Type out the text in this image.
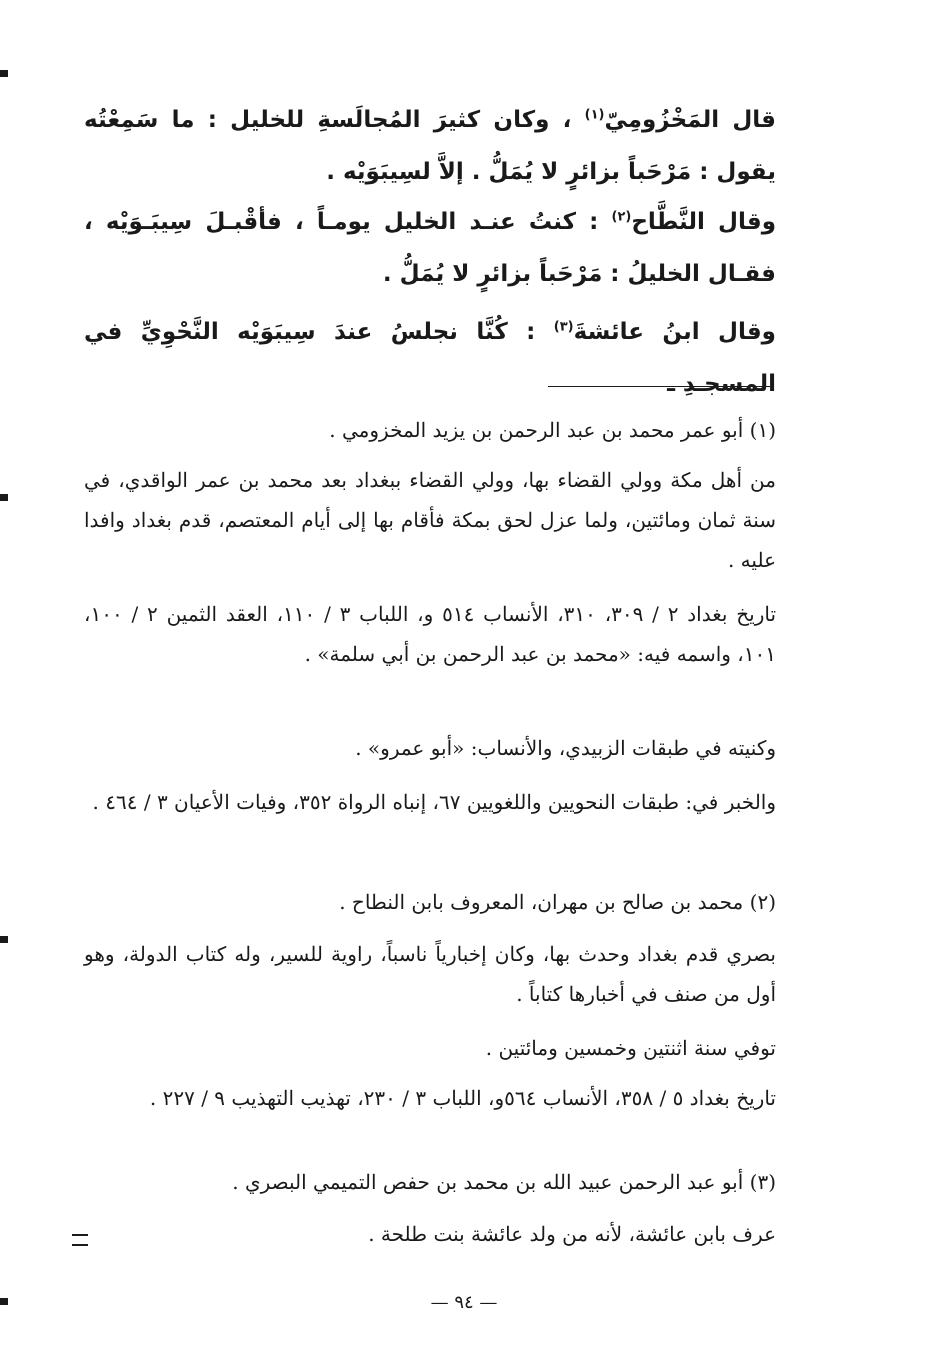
قال المَخْزُومِيّ$^{(١)}$ ، وكان كثيرَ المُجالَسةِ للخليل : ما سَمِعْتُه يقول : مَرْحَباً بزائرٍ لا يُمَلُّ . إلاَّ لسِيبَوَيْه .

وقال النَّطَّاح$^{(٢)}$ : كنتُ عنـد الخليل يومـاً ، فأقْبـلَ سِيبَـوَيْه ، فقـال الخليلُ : مَرْحَباً بزائرٍ لا يُمَلُّ .

وقال ابنُ عائشةَ$^{(٣)}$ : كُنَّا نجلسُ عندَ سِيبَوَيْه النَّحْوِيِّ في المسجـدِ ـ

(١) أبو عمر محمد بن عبد الرحمن بن يزيد المخزومي .

من أهل مكة وولي القضاء بها، وولي القضاء ببغداد بعد محمد بن عمر الواقدي، في سنة ثمان ومائتين، ولما عزل لحق بمكة فأقام بها إلى أيام المعتصم، قدم بغداد وافدا عليه .

تاريخ بغداد ٢ / ٣٠٩، ٣١٠، الأنساب ٥١٤ و، اللباب ٣ / ١١٠، العقد الثمين ٢ / ١٠٠، ١٠١، واسمه فيه: «محمد بن عبد الرحمن بن أبي سلمة» .

وكنيته في طبقات الزبيدي، والأنساب: «أبو عمرو» .

والخبر في: طبقات النحويين واللغويين ٦٧، إنباه الرواة ٣٥٢، وفيات الأعيان ٣ / ٤٦٤ .

(٢) محمد بن صالح بن مهران، المعروف بابن النطاح .

بصري قدم بغداد وحدث بها، وكان إخبارياً ناسباً، راوية للسير، وله كتاب الدولة، وهو أول من صنف في أخبارها كتاباً .

توفي سنة اثنتين وخمسين ومائتين .

تاريخ بغداد ٥ / ٣٥٨، الأنساب ٥٦٤و، اللباب ٣ / ٢٣٠، تهذيب التهذيب ٩ / ٢٢٧ .

(٣) أبو عبد الرحمن عبيد الله بن محمد بن حفص التميمي البصري .

عرف بابن عائشة، لأنه من ولد عائشة بنت طلحة .

— ٩٤ —
